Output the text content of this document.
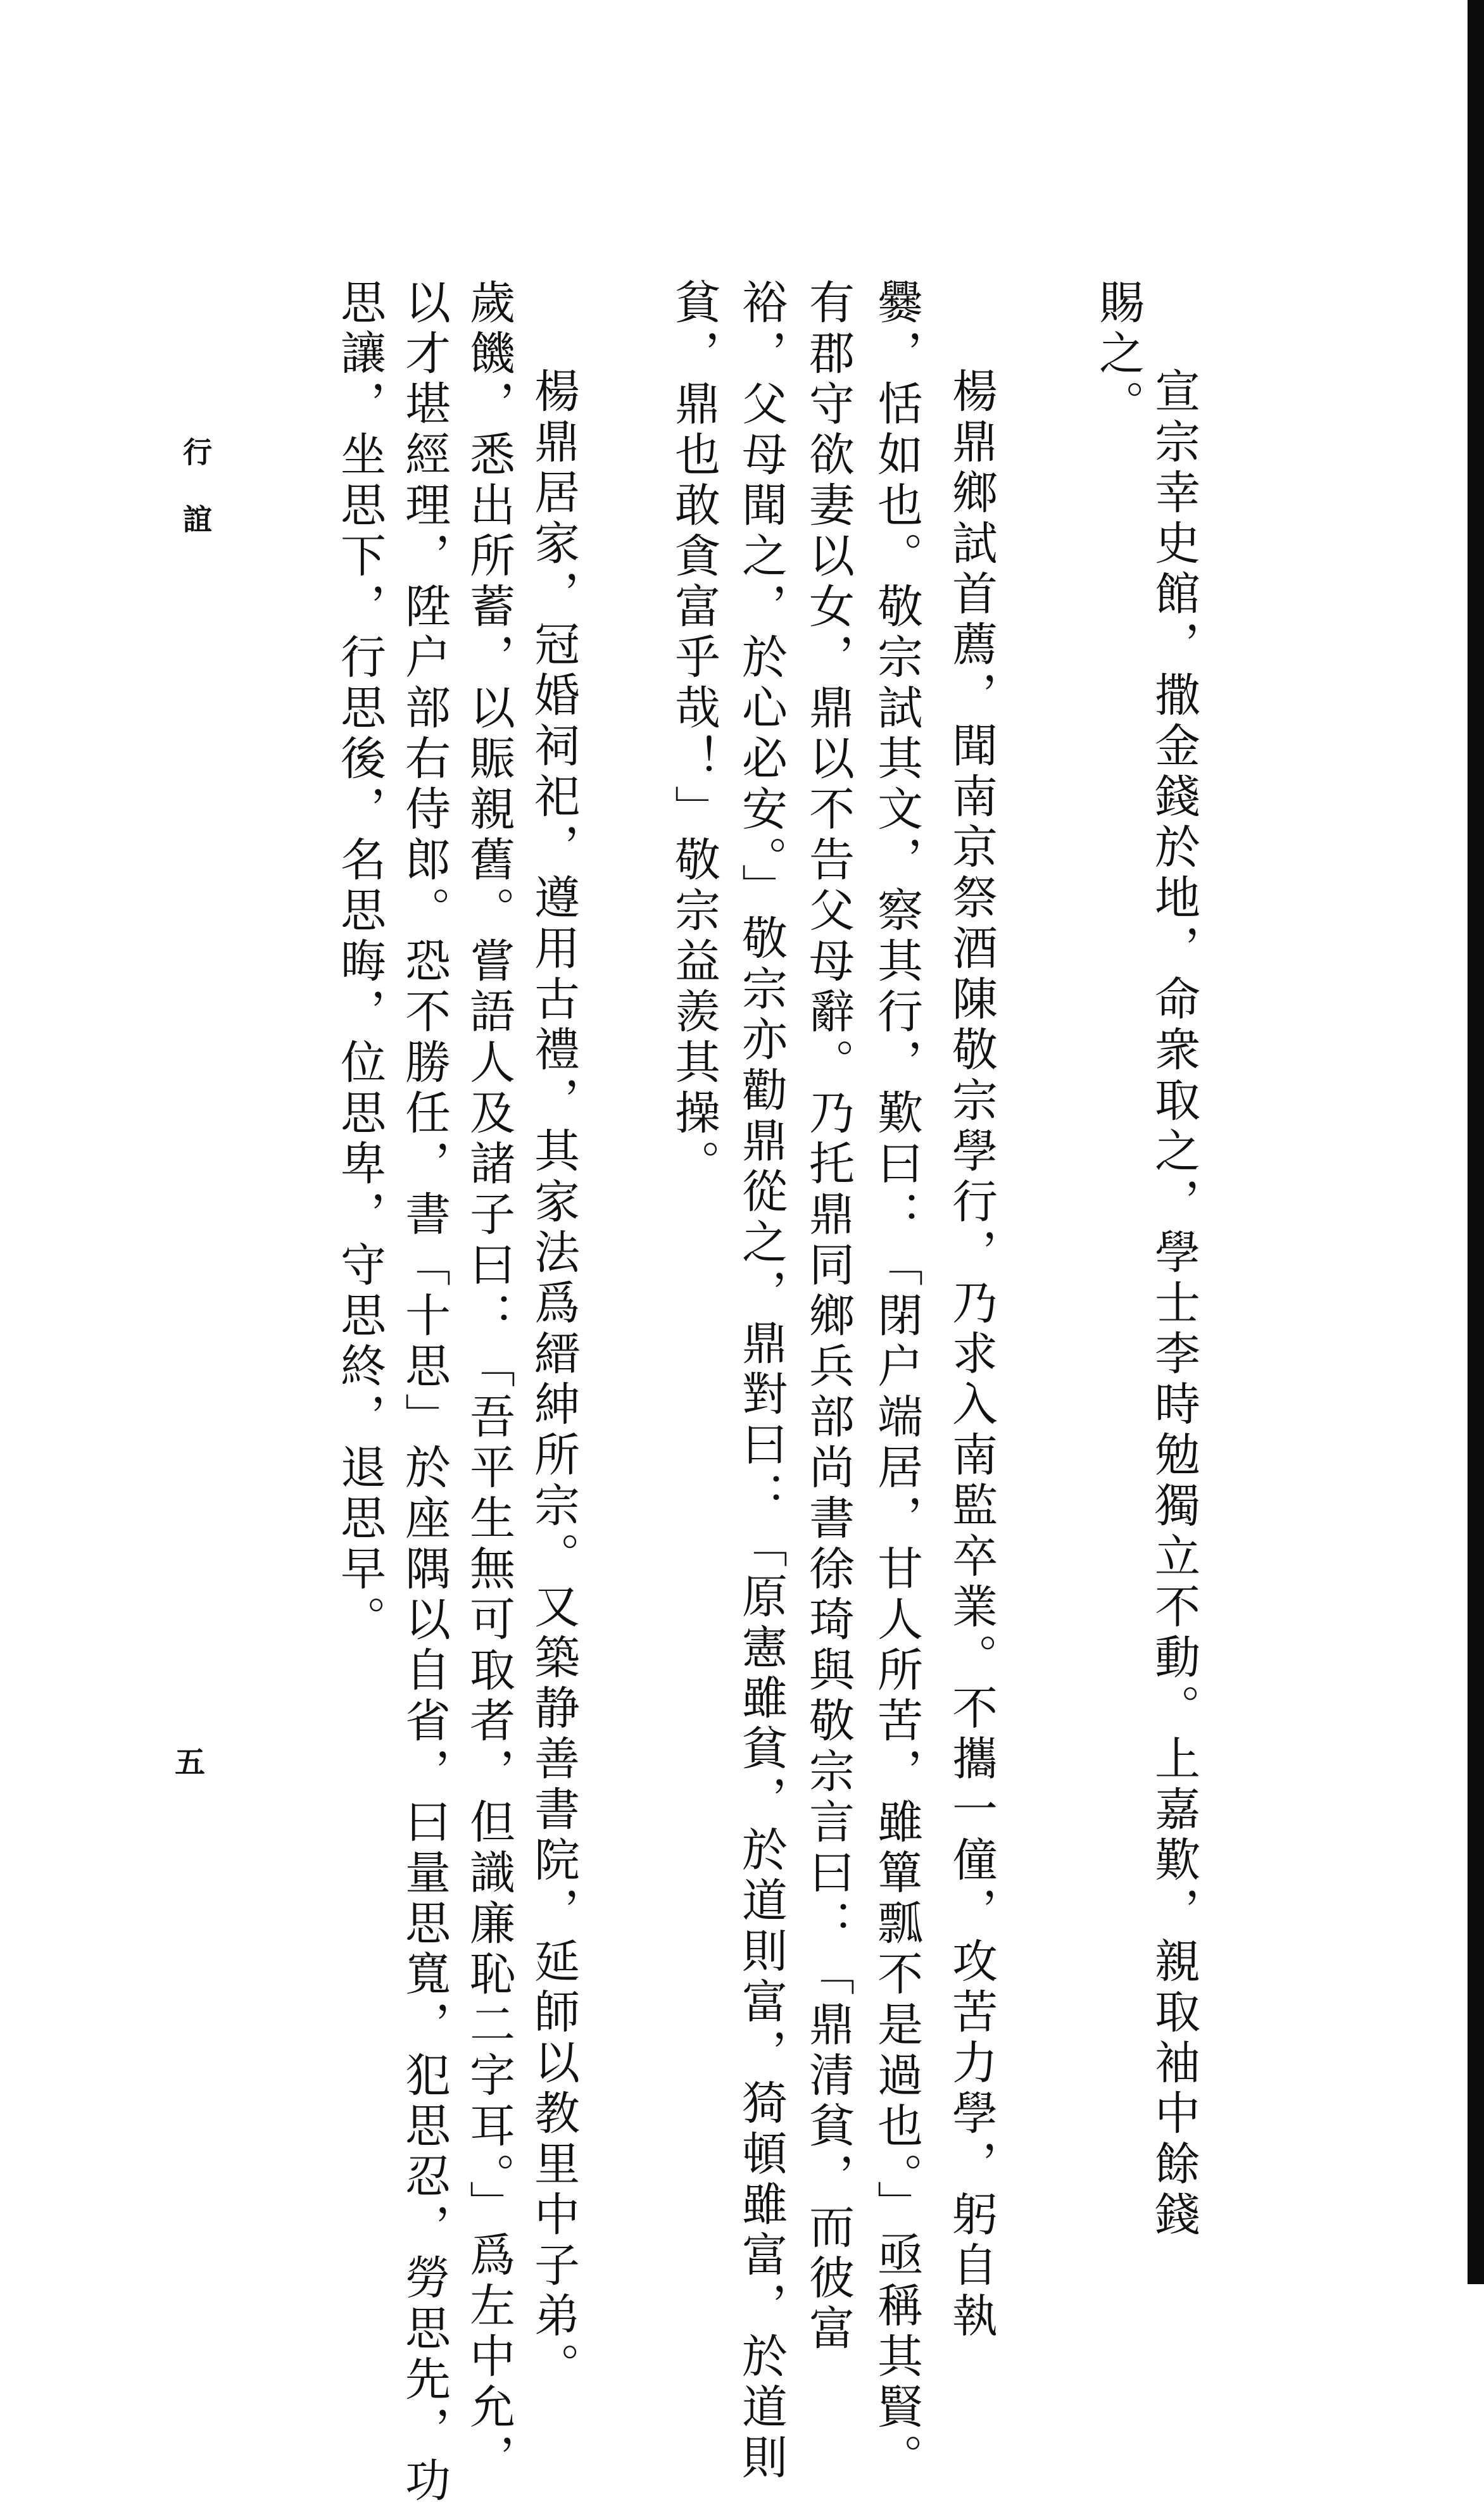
賜之。
宣宗幸史館，撒金錢於地，命衆取之，學士李時勉獨立不動。上嘉歎，親取袖中餘錢
楊鼎鄉試首薦，聞南京祭酒陳敬宗學行，乃求入南監卒業。不攜一僮，攻苦力學，躬自執
爨，恬如也。敬宗試其文，察其行，歎曰：「閉户端居，甘人所苦，雖簞瓢不是過也。」亟稱其賢。
有郡守欲妻以女，鼎以不告父母辭。乃托鼎同鄉兵部尚書徐琦與敬宗言曰：「鼎清貧，而彼富
裕，父母聞之，於心必安。」敬宗亦勸鼎從之，鼎對曰：「原憲雖貧，於道則富，猗頓雖富，於道則
貧，鼎也敢貪富乎哉！」敬宗益羨其操。
楊鼎居家，冠婚祠祀，遵用古禮，其家法爲縉紳所宗。又築静善書院，延師以教里中子弟。
歲饑，悉出所蓄，以賑親舊。嘗語人及諸子曰：「吾平生無可取者，但識廉恥二字耳。」爲左中允，
以才堪經理，陞户部右侍郎。恐不勝任，書「十思」於座隅以自省，曰量思寬，犯思忍，勞思先，功
思讓，坐思下，行思後，名思晦，位思卑，守思終，退思早。
行誼
五
